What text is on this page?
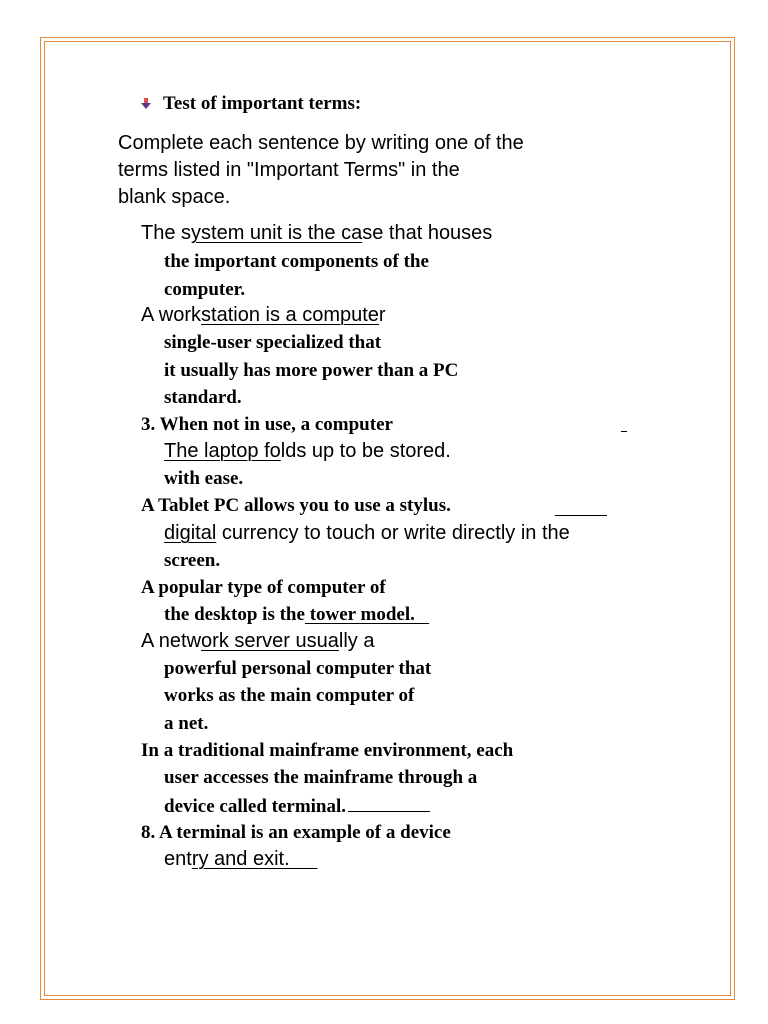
Test of important terms:
Complete each sentence by writing one of the
terms listed in "Important Terms" in the
blank space.
The system unit is the case that houses
the important components of the
computer.
A workstation is a computer
single-user specialized that
it usually has more power than a PC
standard.
3. When not in use, a computer
The laptop folds up to be stored.
with ease.
A Tablet PC allows you to use a stylus.
digital currency to touch or write directly in the
screen.
A popular type of computer of
the desktop is the tower model.
A network server usually a
powerful personal computer that
works as the main computer of
a net.
In a traditional mainframe environment, each
user accesses the mainframe through a
device called terminal.
8. A terminal is an example of a device
entry and exit.
